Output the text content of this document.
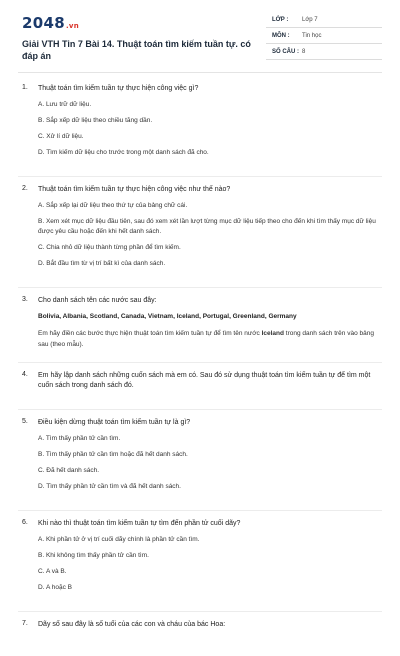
2048.vn
Giải VTH Tin 7 Bài 14. Thuật toán tìm kiếm tuần tự. có đáp án
LỚP : Lớp 7
MÔN : Tin học
SỐ CÂU : 8
1. Thuật toán tìm kiếm tuần tự thực hiện công việc gì?
A. Lưu trữ dữ liệu.
B. Sắp xếp dữ liệu theo chiều tăng dần.
C. Xử lí dữ liệu.
D. Tìm kiếm dữ liệu cho trước trong một danh sách đã cho.
2. Thuật toán tìm kiếm tuần tự thực hiện công việc như thế nào?
A. Sắp xếp lại dữ liệu theo thứ tự của bảng chữ cái.
B. Xem xét mục dữ liệu đầu tiên, sau đó xem xét lần lượt từng mục dữ liệu tiếp theo cho đến khi tìm thấy mục dữ liệu được yêu cầu hoặc đến khi hết danh sách.
C. Chia nhỏ dữ liệu thành từng phần để tìm kiếm.
D. Bắt đầu tìm từ vị trí bất kì của danh sách.
3. Cho danh sách tên các nước sau đây:
Bolivia, Albania, Scotland, Canada, Vietnam, Iceland, Portugal, Greenland, Germany
Em hãy điền các bước thực hiện thuật toán tìm kiếm tuần tự để tìm tên nước Iceland trong danh sách trên vào bảng sau (theo mẫu).
4. Em hãy lập danh sách những cuốn sách mà em có. Sau đó sử dụng thuật toán tìm kiếm tuần tự để tìm một cuốn sách trong danh sách đó.
5. Điều kiện dừng thuật toán tìm kiếm tuần tự là gì?
A. Tìm thấy phần tử cần tìm.
B. Tìm thấy phần tử cần tìm hoặc đã hết danh sách.
C. Đã hết danh sách.
D. Tìm thấy phần tử cần tìm và đã hết danh sách.
6. Khi nào thì thuật toán tìm kiếm tuần tự tìm đến phần tử cuối dãy?
A. Khi phần tử ở vị trí cuối dãy chính là phần tử cần tìm.
B. Khi không tìm thấy phần tử cần tìm.
C. A và B.
D. A hoặc B
7. Dãy số sau đây là số tuổi của các con và cháu của bác Hoa:
